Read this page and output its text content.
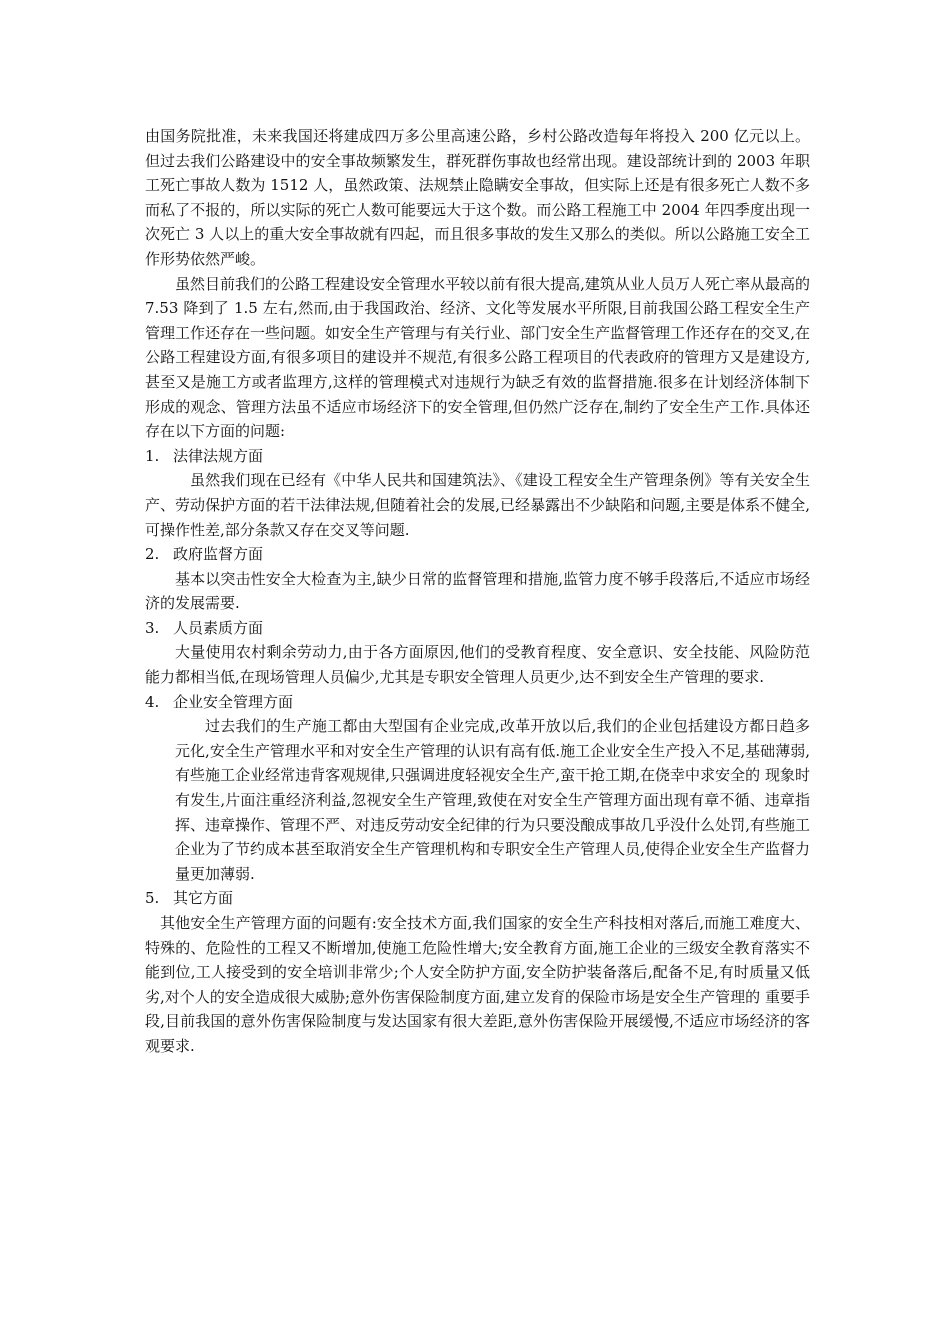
由国务院批准，未来我国还将建成四万多公里高速公路，乡村公路改造每年将投入 200 亿元以上。但过去我们公路建设中的安全事故频繁发生，群死群伤事故也经常出现。建设部统计到的 2003 年职工死亡事故人数为 1512 人，虽然政策、法规禁止隐瞒安全事故，但实际上还是有很多死亡人数不多而私了不报的，所以实际的死亡人数可能要远大于这个数。而公路工程施工中 2004 年四季度出现一次死亡 3 人以上的重大安全事故就有四起，而且很多事故的发生又那么的类似。所以公路施工安全工作形势依然严峻。

虽然目前我们的公路工程建设安全管理水平较以前有很大提高,建筑从业人员万人死亡率从最高的 7.53 降到了 1.5 左右,然而,由于我国政治、经济、文化等发展水平所限,目前我国公路工程安全生产管理工作还存在一些问题。如安全生产管理与有关行业、部门安全生产监督管理工作还存在的交叉,在公路工程建设方面,有很多项目的建设并不规范,有很多公路工程项目的代表政府的管理方又是建设方,甚至又是施工方或者监理方,这样的管理模式对违规行为缺乏有效的监督措施.很多在计划经济体制下形成的观念、管理方法虽不适应市场经济下的安全管理,但仍然广泛存在,制约了安全生产工作.具体还存在以下方面的问题:

1. 法律法规方面

虽然我们现在已经有《中华人民共和国建筑法》、《建设工程安全生产管理条例》等有关安全生产、劳动保护方面的若干法律法规,但随着社会的发展,已经暴露出不少缺陷和问题,主要是体系不健全,可操作性差,部分条款又存在交叉等问题.

2. 政府监督方面

基本以突击性安全大检查为主,缺少日常的监督管理和措施,监管力度不够手段落后,不适应市场经济的发展需要.

3. 人员素质方面

大量使用农村剩余劳动力,由于各方面原因,他们的受教育程度、安全意识、安全技能、风险防范能力都相当低,在现场管理人员偏少,尤其是专职安全管理人员更少,达不到安全生产管理的要求.

4. 企业安全管理方面

过去我们的生产施工都由大型国有企业完成,改革开放以后,我们的企业包括建设方都日趋多元化,安全生产管理水平和对安全生产管理的认识有高有低.施工企业安全生产投入不足,基础薄弱,有些施工企业经常违背客观规律,只强调进度轻视安全生产,蛮干抢工期,在侥幸中求安全的 现象时有发生,片面注重经济利益,忽视安全生产管理,致使在对安全生产管理方面出现有章不循、违章指挥、违章操作、管理不严、对违反劳动安全纪律的行为只要没酿成事故几乎没什么处罚,有些施工企业为了节约成本甚至取消安全生产管理机构和专职安全生产管理人员,使得企业安全生产监督力量更加薄弱.

5. 其它方面

其他安全生产管理方面的问题有:安全技术方面,我们国家的安全生产科技相对落后,而施工难度大、特殊的、危险性的工程又不断增加,使施工危险性增大;安全教育方面,施工企业的三级安全教育落实不能到位,工人接受到的安全培训非常少;个人安全防护方面,安全防护装备落后,配备不足,有时质量又低劣,对个人的安全造成很大威胁;意外伤害保险制度方面,建立发育的保险市场是安全生产管理的 重要手段,目前我国的意外伤害保险制度与发达国家有很大差距,意外伤害保险开展缓慢,不适应市场经济的客观要求.
